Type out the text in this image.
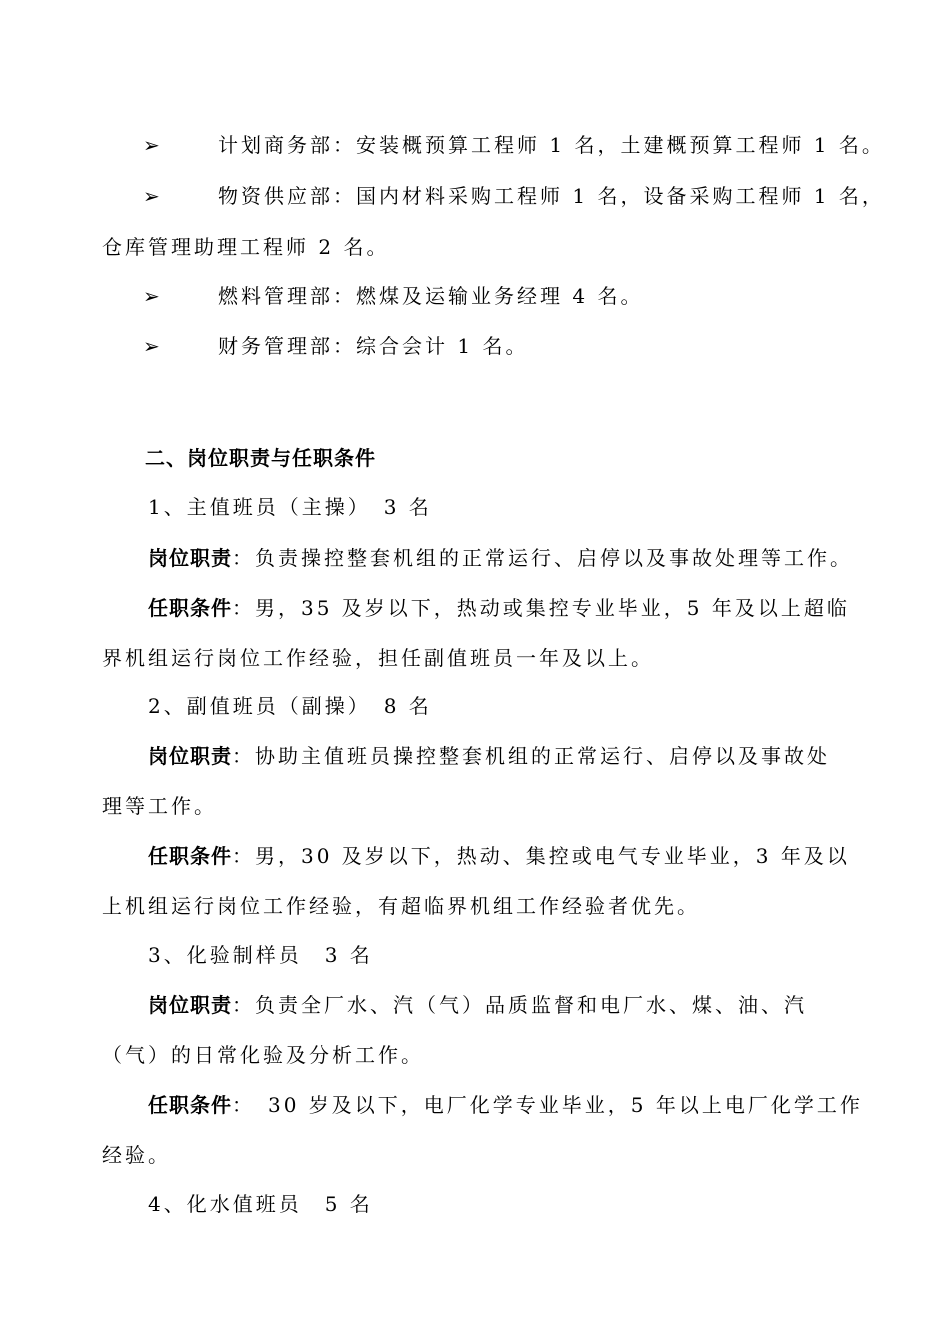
➢	计划商务部：安装概预算工程师 1 名，土建概预算工程师 1 名。
➢	物资供应部：国内材料采购工程师 1 名，设备采购工程师 1 名，
仓库管理助理工程师 2 名。
➢	燃料管理部：燃煤及运输业务经理 4 名。
➢	财务管理部：综合会计 1 名。
二、岗位职责与任职条件
1、主值班员（主操）　3 名
岗位职责：负责操控整套机组的正常运行、启停以及事故处理等工作。
任职条件：男，35 及岁以下，热动或集控专业毕业，5 年及以上超临
界机组运行岗位工作经验，担任副值班员一年及以上。
2、副值班员（副操）　8 名
岗位职责：协助主值班员操控整套机组的正常运行、启停以及事故处
理等工作。
任职条件：男，30 及岁以下，热动、集控或电气专业毕业，3 年及以
上机组运行岗位工作经验，有超临界机组工作经验者优先。
3、化验制样员　3 名
岗位职责：负责全厂水、汽（气）品质监督和电厂水、煤、油、汽
（气）的日常化验及分析工作。
任职条件：　30 岁及以下，电厂化学专业毕业，5 年以上电厂化学工作
经验。
4、化水值班员　5 名
